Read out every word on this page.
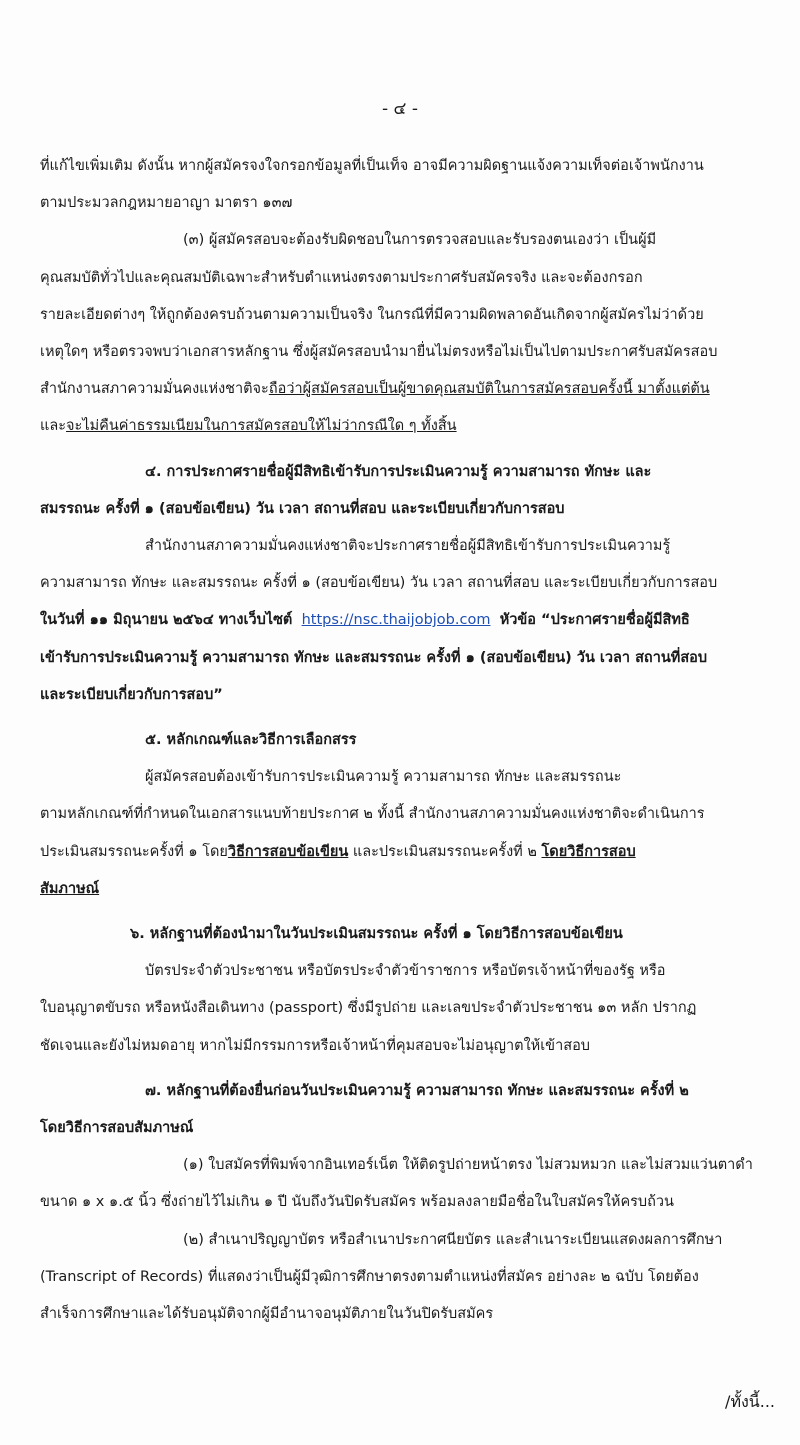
- ๔ -
ที่แก้ไขเพิ่มเติม ดังนั้น หากผู้สมัครจงใจกรอกข้อมูลที่เป็นเท็จ อาจมีความผิดฐานแจ้งความเท็จต่อเจ้าพนักงาน
ตามประมวลกฎหมายอาญา มาตรา ๑๓๗
(๓) ผู้สมัครสอบจะต้องรับผิดชอบในการตรวจสอบและรับรองตนเองว่า เป็นผู้มี
คุณสมบัติทั่วไปและคุณสมบัติเฉพาะสำหรับตำแหน่งตรงตามประกาศรับสมัครจริง และจะต้องกรอก
รายละเอียดต่างๆ ให้ถูกต้องครบถ้วนตามความเป็นจริง ในกรณีที่มีความผิดพลาดอันเกิดจากผู้สมัครไม่ว่าด้วย
เหตุใดๆ หรือตรวจพบว่าเอกสารหลักฐาน ซึ่งผู้สมัครสอบนำมายื่นไม่ตรงหรือไม่เป็นไปตามประกาศรับสมัครสอบ
สำนักงานสภาความมั่นคงแห่งชาติจะถือว่าผู้สมัครสอบเป็นผู้ขาดคุณสมบัติในการสมัครสอบครั้งนี้ มาตั้งแต่ต้น
และจะไม่คืนค่าธรรมเนียมในการสมัครสอบให้ไม่ว่ากรณีใด ๆ ทั้งสิ้น
๔. การประกาศรายชื่อผู้มีสิทธิเข้ารับการประเมินความรู้ ความสามารถ ทักษะ และ
สมรรถนะ ครั้งที่ ๑ (สอบข้อเขียน) วัน เวลา สถานที่สอบ และระเบียบเกี่ยวกับการสอบ
สำนักงานสภาความมั่นคงแห่งชาติจะประกาศรายชื่อผู้มีสิทธิเข้ารับการประเมินความรู้
ความสามารถ ทักษะ และสมรรถนะ ครั้งที่ ๑ (สอบข้อเขียน) วัน เวลา สถานที่สอบ และระเบียบเกี่ยวกับการสอบ
ในวันที่ ๑๑ มิถุนายน ๒๕๖๔ ทางเว็บไซต์ https://nsc.thaijobjob.com หัวข้อ “ประกาศรายชื่อผู้มีสิทธิ
เข้ารับการประเมินความรู้ ความสามารถ ทักษะ และสมรรถนะ ครั้งที่ ๑ (สอบข้อเขียน) วัน เวลา สถานที่สอบ
และระเบียบเกี่ยวกับการสอบ”
๕. หลักเกณฑ์และวิธีการเลือกสรร
ผู้สมัครสอบต้องเข้ารับการประเมินความรู้ ความสามารถ ทักษะ และสมรรถนะ
ตามหลักเกณฑ์ที่กำหนดในเอกสารแนบท้ายประกาศ ๒ ทั้งนี้ สำนักงานสภาความมั่นคงแห่งชาติจะดำเนินการ
ประเมินสมรรถนะครั้งที่ ๑ โดยวิธีการสอบข้อเขียน และประเมินสมรรถนะครั้งที่ ๒ โดยวิธีการสอบ
สัมภาษณ์
๖. หลักฐานที่ต้องนำมาในวันประเมินสมรรถนะ ครั้งที่ ๑ โดยวิธีการสอบข้อเขียน
บัตรประจำตัวประชาชน หรือบัตรประจำตัวข้าราชการ หรือบัตรเจ้าหน้าที่ของรัฐ หรือ
ใบอนุญาตขับรถ หรือหนังสือเดินทาง (passport) ซึ่งมีรูปถ่าย และเลขประจำตัวประชาชน ๑๓ หลัก ปรากฏ
ชัดเจนและยังไม่หมดอายุ หากไม่มีกรรมการหรือเจ้าหน้าที่คุมสอบจะไม่อนุญาตให้เข้าสอบ
๗. หลักฐานที่ต้องยื่นก่อนวันประเมินความรู้ ความสามารถ ทักษะ และสมรรถนะ ครั้งที่ ๒
โดยวิธีการสอบสัมภาษณ์
(๑) ใบสมัครที่พิมพ์จากอินเทอร์เน็ต ให้ติดรูปถ่ายหน้าตรง ไม่สวมหมวก และไม่สวมแว่นตาดำ
ขนาด ๑ x ๑.๕ นิ้ว ซึ่งถ่ายไว้ไม่เกิน ๑ ปี นับถึงวันปิดรับสมัคร พร้อมลงลายมือชื่อในใบสมัครให้ครบถ้วน
/ทั้งนี้...
(๒) สำเนาปริญญาบัตร หรือสำเนาประกาศนียบัตร และสำเนาระเบียนแสดงผลการศึกษา
(Transcript of Records) ที่แสดงว่าเป็นผู้มีวุฒิการศึกษาตรงตามตำแหน่งที่สมัคร อย่างละ ๒ ฉบับ โดยต้อง
สำเร็จการศึกษาและได้รับอนุมัติจากผู้มีอำนาจอนุมัติภายในวันปิดรับสมัคร
